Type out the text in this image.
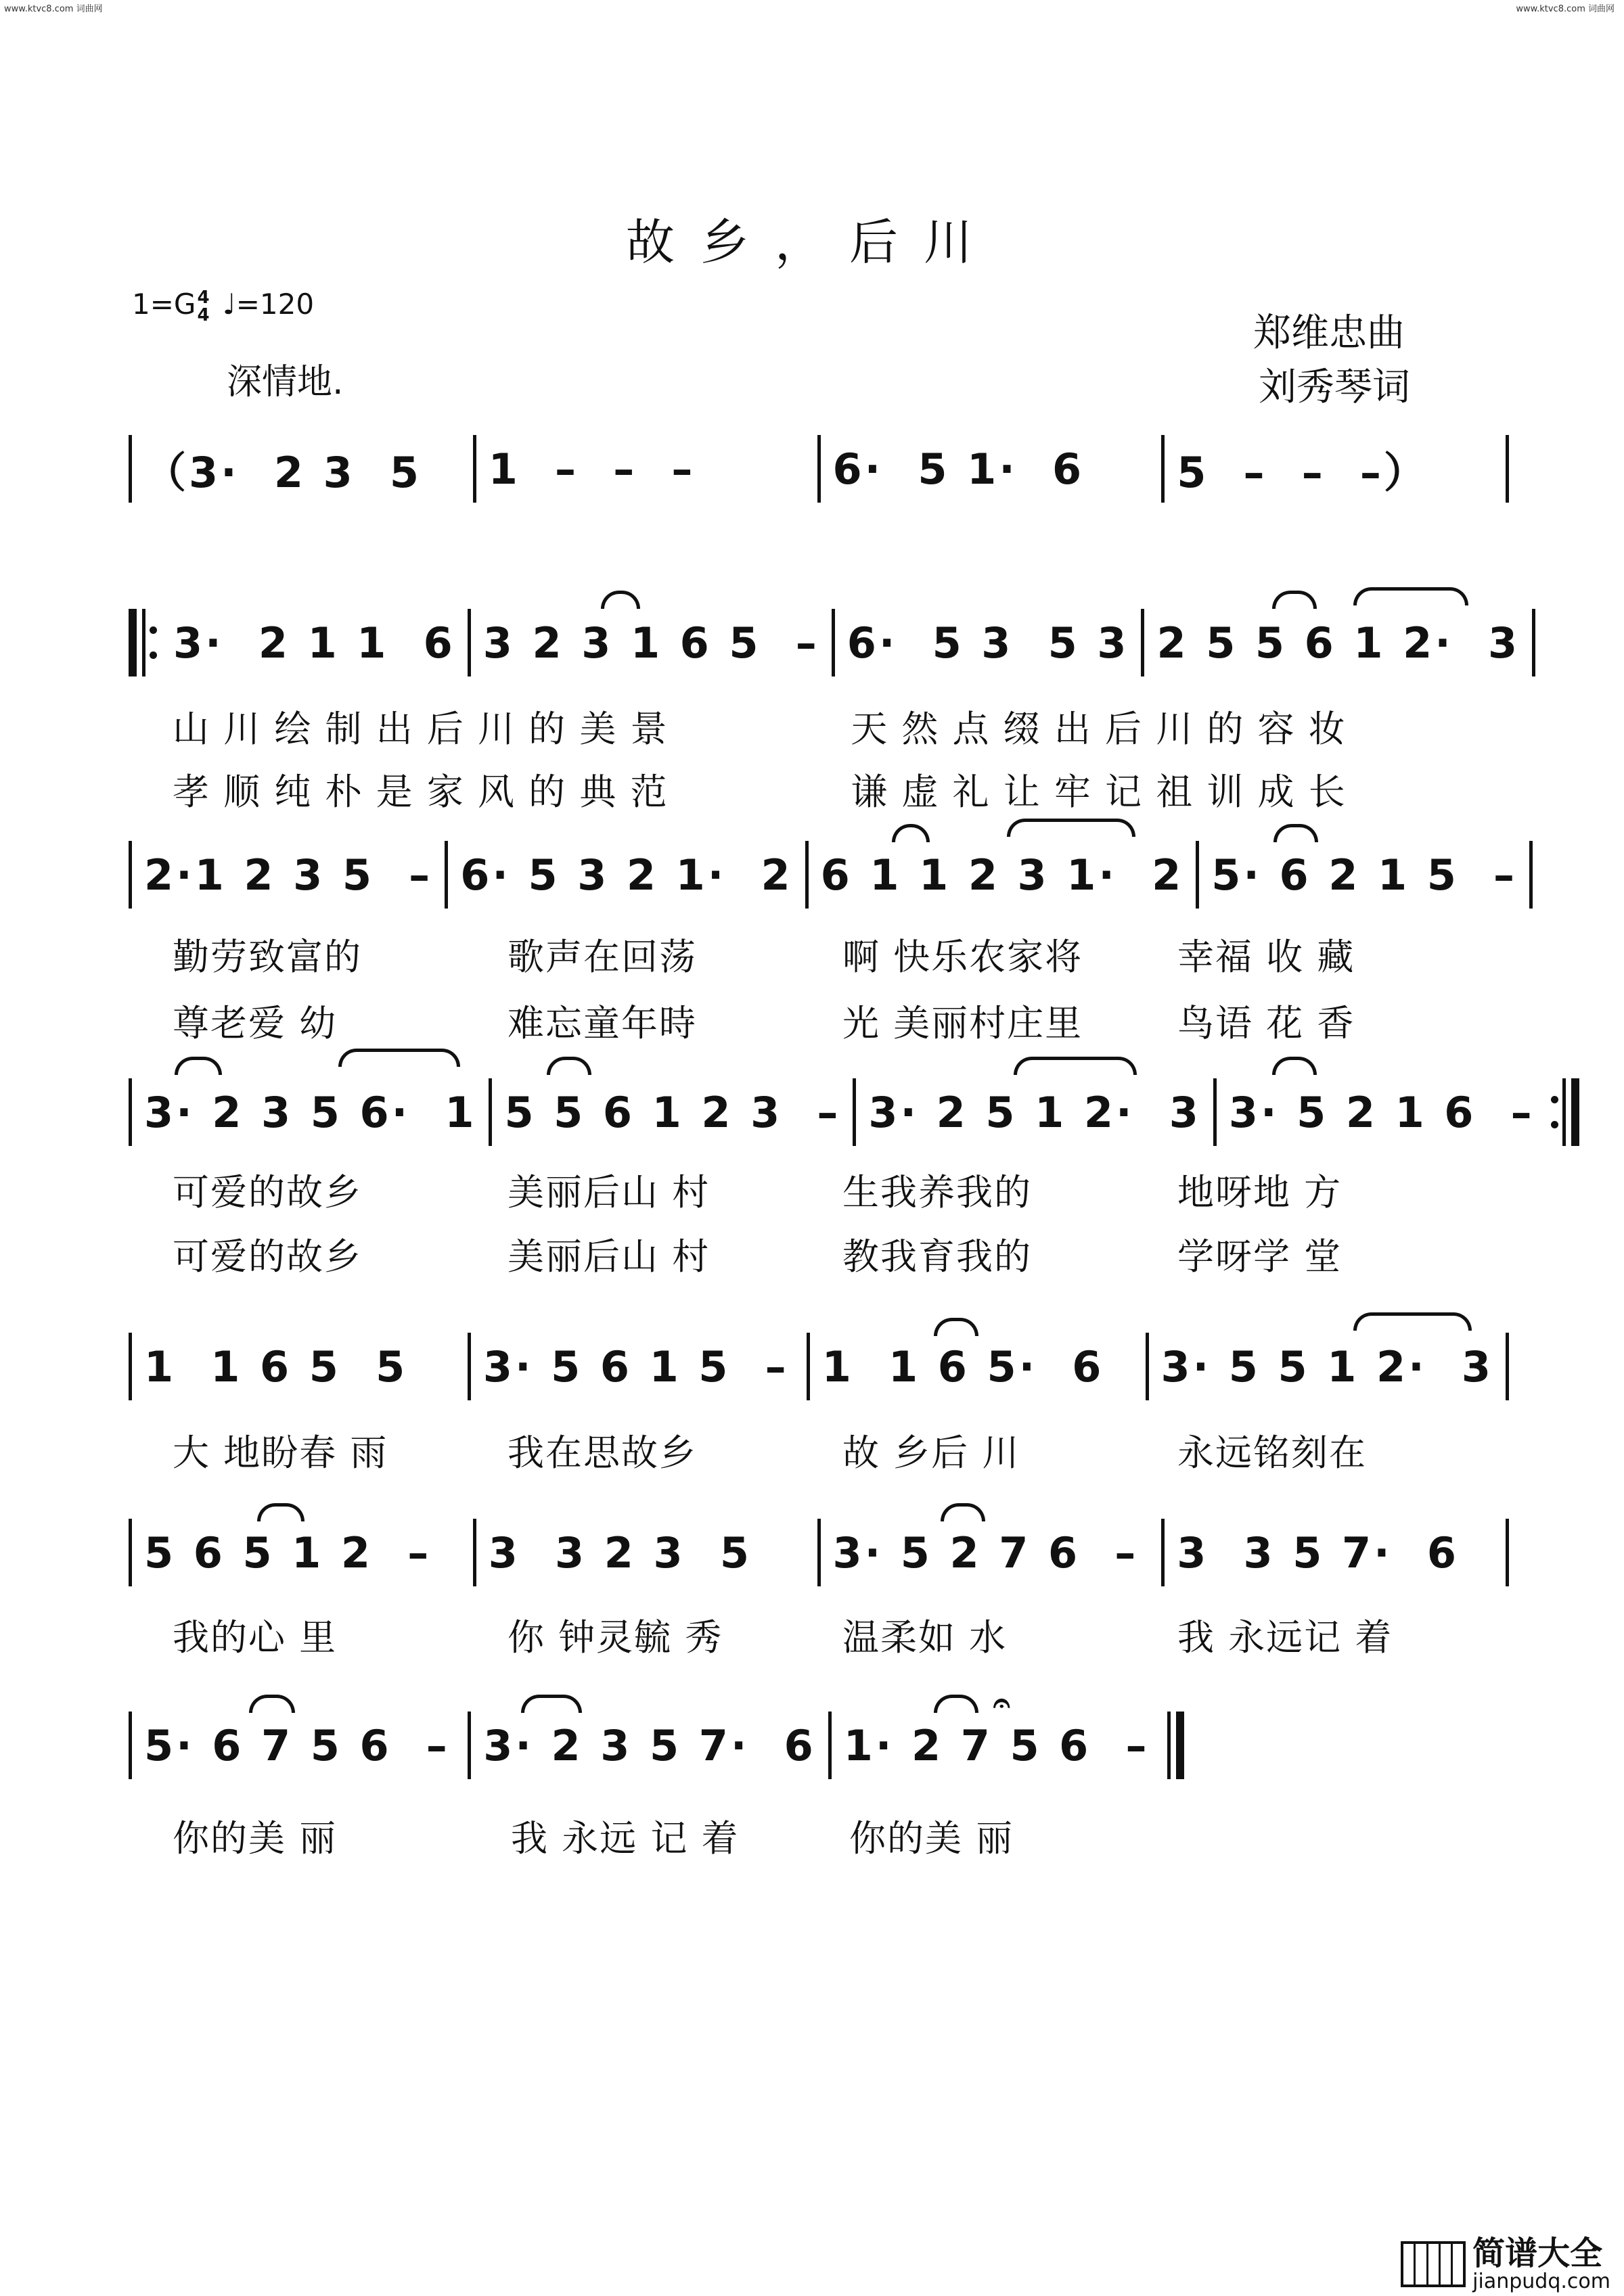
www.ktvc8.com 词曲网	www.ktvc8.com 词曲网
故乡，后川
1=G4
4 ♩=120
深情地.
郑维忠曲
刘秀琴词
（3·  2 3  5	1  –  –  –	6·  5 1·  6	5  –  –  –）
3·  2 1 1  6 3 2 3 1 6 5  – 6·  5 3  5 3 2 5 5 6 1 2·  3
山 川 绘 制 出 后 川 的 美 景	天 然 点 缀 出 后 川 的 容 妆
孝 顺 纯 朴 是 家 风 的 典 范	谦 虚 礼 让 牢 记 祖 训 成 长
2·1 2 3 5  – 6· 5 3 2 1·  2 6 1 1 2 3 1·  2 5· 6 2 1 5  –
勤劳致富的	歌声在回荡	啊 快乐农家将	幸福 收 藏
尊老爱 幼	难忘童年時	光 美丽村庄里	鸟语 花 香
3· 2 3 5 6·  1 5 5 6 1 2 3  – 3· 2 5 1 2·  3 3· 5 2 1 6  –
可爱的故乡	美丽后山 村	生我养我的	地呀地 方
可爱的故乡	美丽后山 村	教我育我的	学呀学 堂
1  1 6 5  5	3· 5 6 1 5  – 1  1 6 5·  6	3· 5 5 1 2·  3
大 地盼春 雨	我在思故乡	故 乡后 川	永远铭刻在
5 6 5 1 2  –	3  3 2 3  5	3· 5 2 7 6  – 3  3 5 7·  6
我的心 里	你 钟灵毓 秀	温柔如 水	我 永远记 着
𝄐
5· 6 7 5 6  – 3· 2 3 5 7·  6 1· 2 7 5 6  –
你的美 丽	我 永远 记 着	你的美 丽
简谱大全
jianpudq.com
